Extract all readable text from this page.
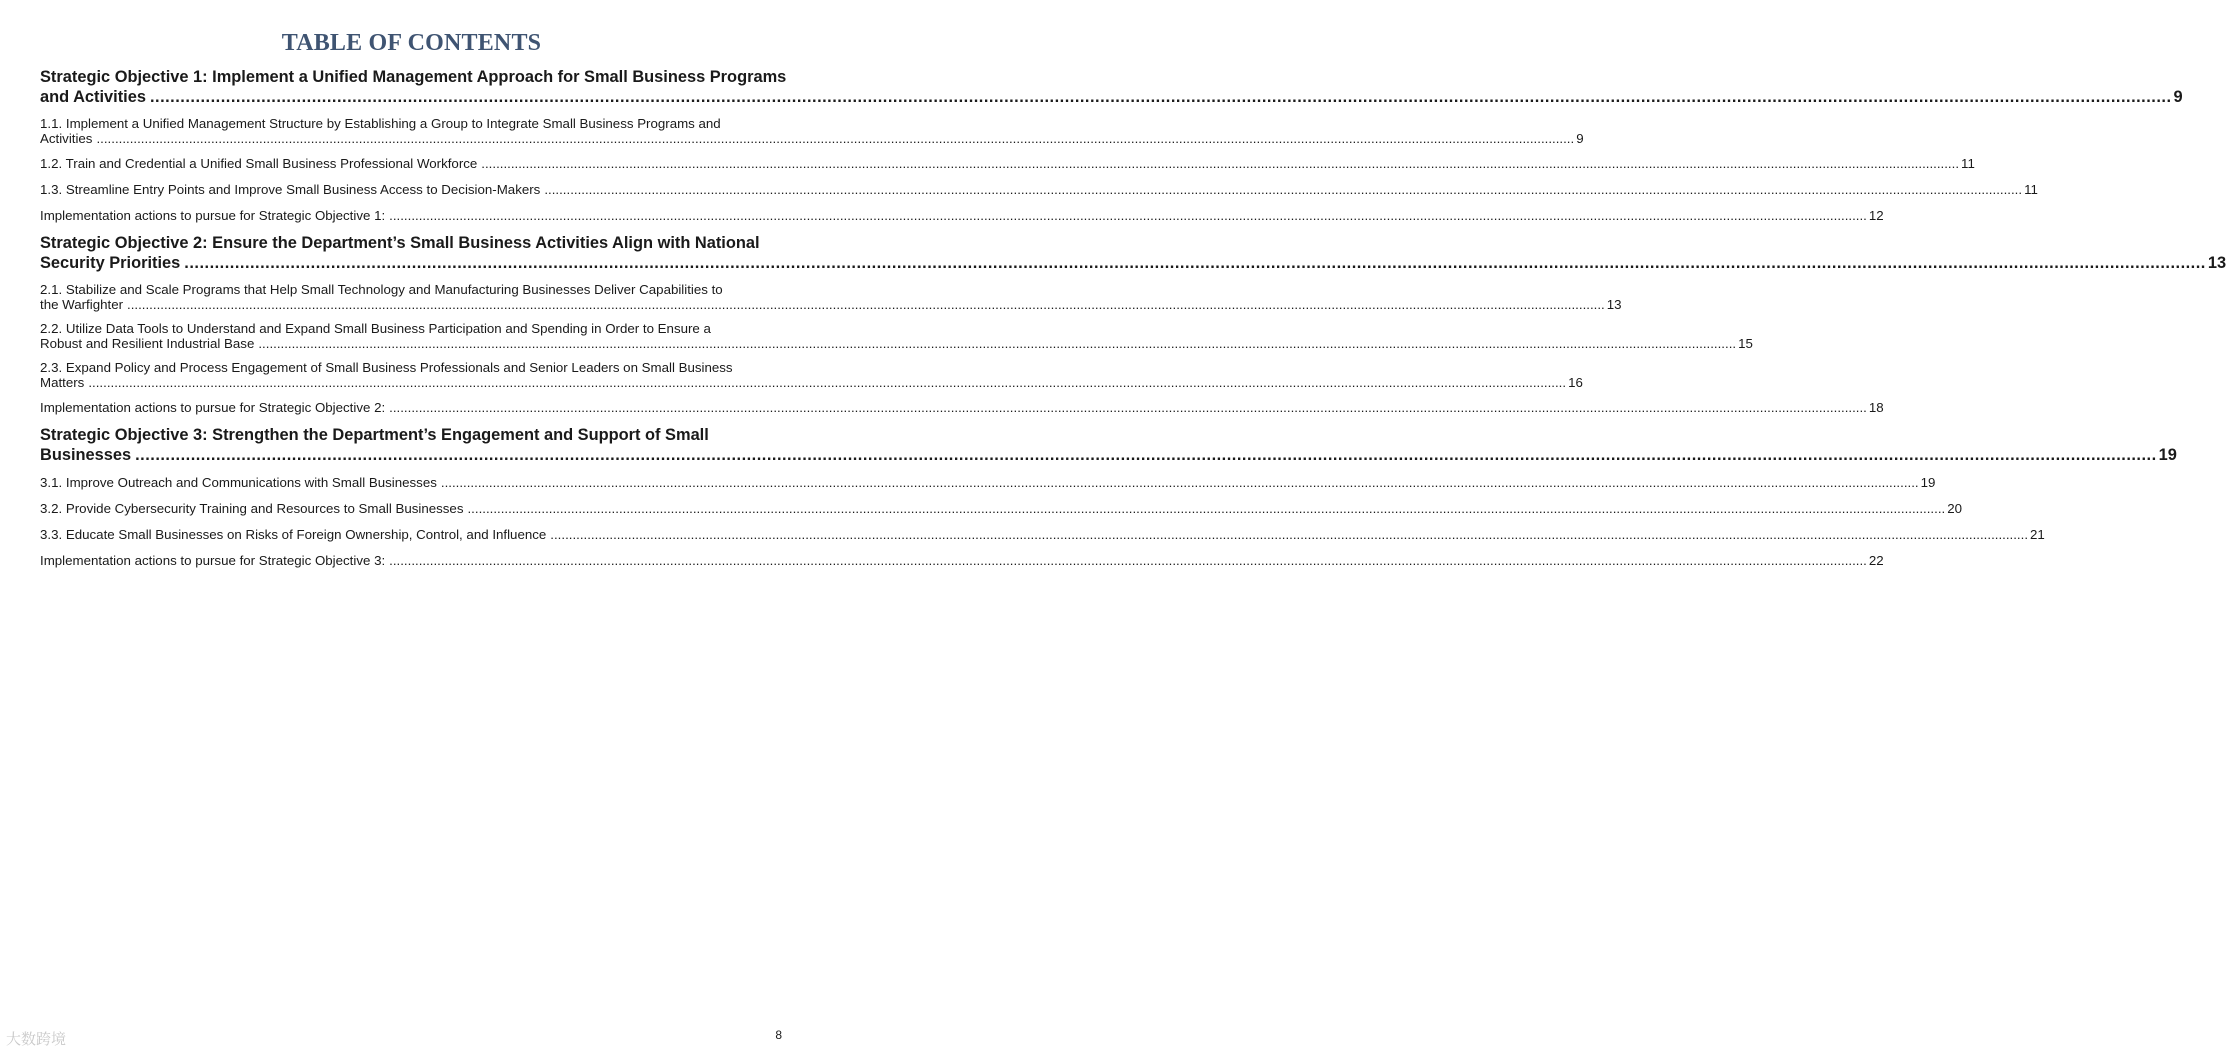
TABLE OF CONTENTS
Strategic Objective 1: Implement a Unified Management Approach for Small Business Programs
and Activities ................................................................................................................................................................................................................................................................................................................................................................................................................ 9
1.1. Implement a Unified Management Structure by Establishing a Group to Integrate Small Business Programs and
Activities ................................................................................................................................................................................................................................................................................................................................................................................................................ 9
1.2. Train and Credential a Unified Small Business Professional Workforce ................................................................................................................................................................................................................................................................................................................................................................................................................ 11
1.3. Streamline Entry Points and Improve Small Business Access to Decision-Makers ................................................................................................................................................................................................................................................................................................................................................................................................................ 11
Implementation actions to pursue for Strategic Objective 1: ................................................................................................................................................................................................................................................................................................................................................................................................................ 12
Strategic Objective 2: Ensure the Department’s Small Business Activities Align with National
Security Priorities ................................................................................................................................................................................................................................................................................................................................................................................................................ 13
2.1. Stabilize and Scale Programs that Help Small Technology and Manufacturing Businesses Deliver Capabilities to
the Warfighter ................................................................................................................................................................................................................................................................................................................................................................................................................ 13
2.2. Utilize Data Tools to Understand and Expand Small Business Participation and Spending in Order to Ensure a
Robust and Resilient Industrial Base ................................................................................................................................................................................................................................................................................................................................................................................................................ 15
2.3. Expand Policy and Process Engagement of Small Business Professionals and Senior Leaders on Small Business
Matters ................................................................................................................................................................................................................................................................................................................................................................................................................ 16
Implementation actions to pursue for Strategic Objective 2: ................................................................................................................................................................................................................................................................................................................................................................................................................ 18
Strategic Objective 3: Strengthen the Department’s Engagement and Support of Small
Businesses ................................................................................................................................................................................................................................................................................................................................................................................................................ 19
3.1. Improve Outreach and Communications with Small Businesses ................................................................................................................................................................................................................................................................................................................................................................................................................ 19
3.2. Provide Cybersecurity Training and Resources to Small Businesses ................................................................................................................................................................................................................................................................................................................................................................................................................ 20
3.3. Educate Small Businesses on Risks of Foreign Ownership, Control, and Influence ................................................................................................................................................................................................................................................................................................................................................................................................................ 21
Implementation actions to pursue for Strategic Objective 3: ................................................................................................................................................................................................................................................................................................................................................................................................................ 22
大数跨境	8
